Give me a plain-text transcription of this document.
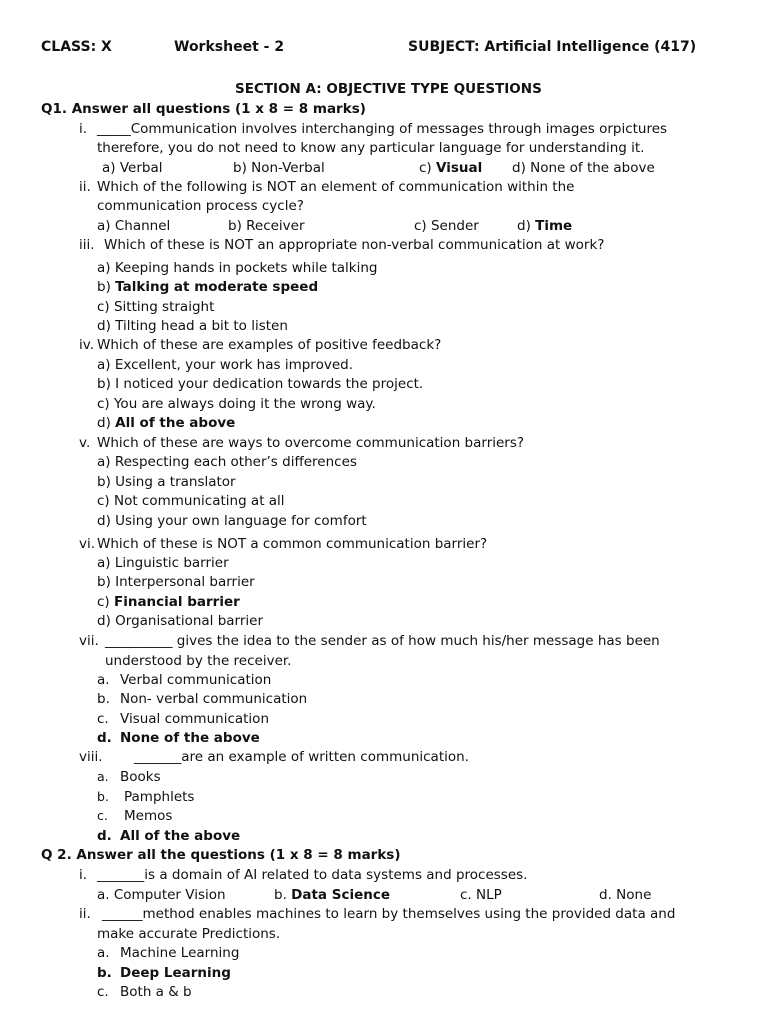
CLASS: X	Worksheet - 2	SUBJECT: Artificial Intelligence (417)
SECTION A: OBJECTIVE TYPE QUESTIONS
Q1. Answer all questions (1 x 8 = 8 marks)
i. _____Communication involves interchanging of messages through images orpictures
therefore, you do not need to know any particular language for understanding it.
a) Verbal	b) Non-Verbal	c) Visual d) None of the above
ii. Which of the following is NOT an element of communication within the
communication process cycle?
a) Channel	b) Receiver	c) Sender	d) Time
iii. Which of these is NOT an appropriate non-verbal communication at work?
a) Keeping hands in pockets while talking
b) Talking at moderate speed
c) Sitting straight
d) Tilting head a bit to listen
iv. Which of these are examples of positive feedback?
a) Excellent, your work has improved.
b) I noticed your dedication towards the project.
c) You are always doing it the wrong way.
d) All of the above
v. Which of these are ways to overcome communication barriers?
a) Respecting each other’s differences
b) Using a translator
c) Not communicating at all
d) Using your own language for comfort
vi. Which of these is NOT a common communication barrier?
a) Linguistic barrier
b) Interpersonal barrier
c) Financial barrier
d) Organisational barrier
vii. __________ gives the idea to the sender as of how much his/her message has been
understood by the receiver.
a. Verbal communication
b. Non- verbal communication
c. Visual communication
d. None of the above
viii. _______are an example of written communication.
a. Books
b. Pamphlets
c. Memos
d. All of the above
Q 2. Answer all the questions (1 x 8 = 8 marks)
i. _______is a domain of AI related to data systems and processes.
a. Computer Vision	b. Data Science	c. NLP	d. None
ii. ______method enables machines to learn by themselves using the provided data and
make accurate Predictions.
a. Machine Learning
b. Deep Learning
c. Both a & b
